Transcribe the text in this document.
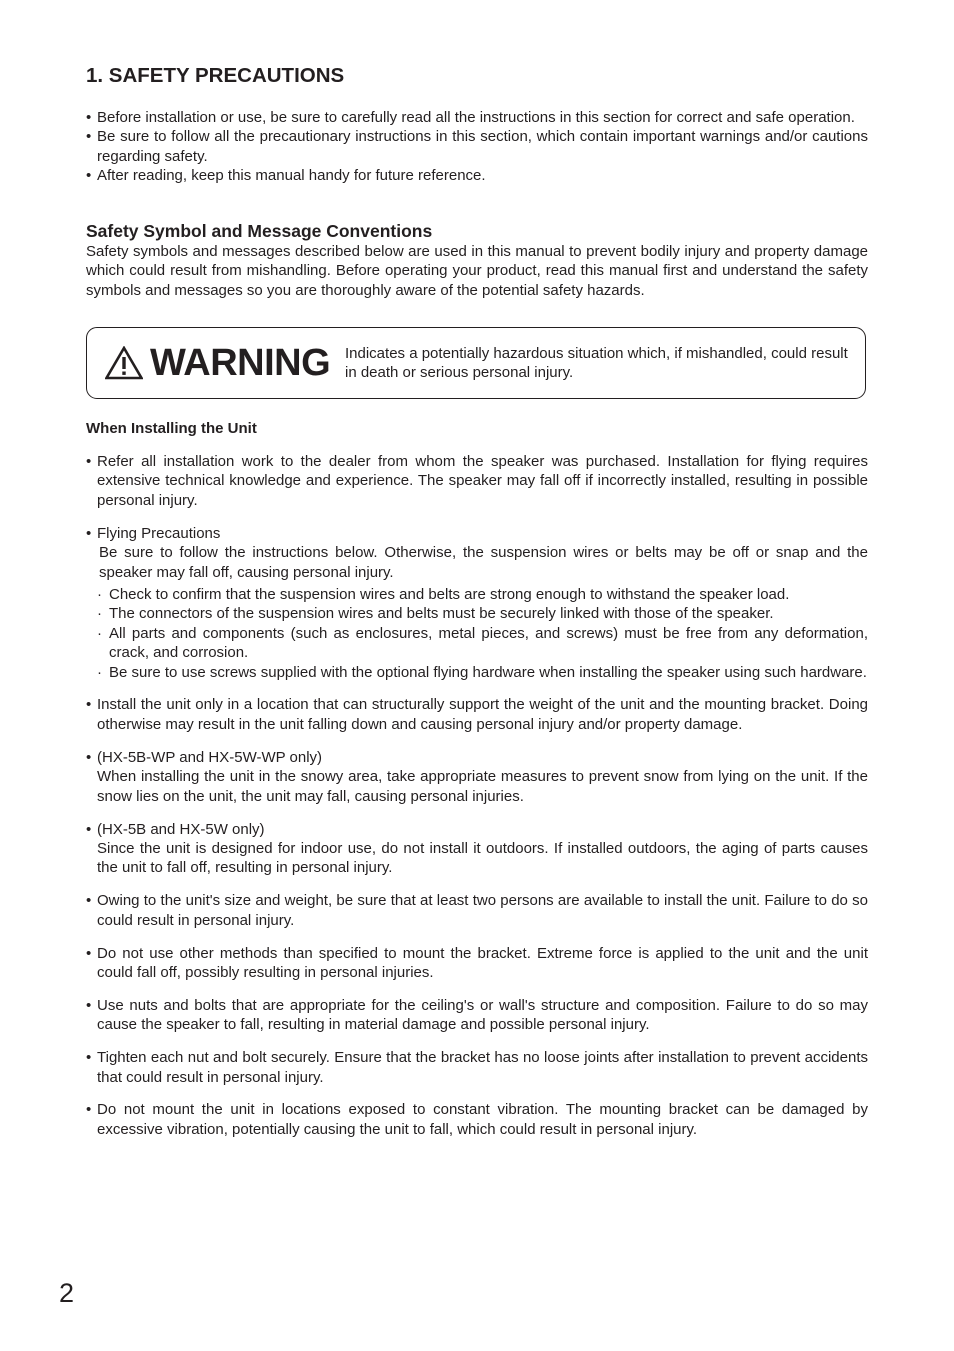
1. SAFETY PRECAUTIONS
• Before installation or use, be sure to carefully read all the instructions in this section for correct and safe operation.
• Be sure to follow all the precautionary instructions in this section, which contain important warnings and/or cautions regarding safety.
• After reading, keep this manual handy for future reference.
Safety Symbol and Message Conventions
Safety symbols and messages described below are used in this manual to prevent bodily injury and property damage which could result from mishandling. Before operating your product, read this manual first and understand the safety symbols and messages so you are thoroughly aware of the potential safety hazards.
WARNING Indicates a potentially hazardous situation which, if mishandled, could result in death or serious personal injury.
When Installing the Unit
• Refer all installation work to the dealer from whom the speaker was purchased. Installation for flying requires extensive technical knowledge and experience. The speaker may fall off if incorrectly installed, resulting in possible personal injury.
• Flying Precautions
Be sure to follow the instructions below. Otherwise, the suspension wires or belts may be off or snap and the speaker may fall off, causing personal injury.
· Check to confirm that the suspension wires and belts are strong enough to withstand the speaker load.
· The connectors of the suspension wires and belts must be securely linked with those of the speaker.
· All parts and components (such as enclosures, metal pieces, and screws) must be free from any deformation, crack, and corrosion.
· Be sure to use screws supplied with the optional flying hardware when installing the speaker using such hardware.
• Install the unit only in a location that can structurally support the weight of the unit and the mounting bracket. Doing otherwise may result in the unit falling down and causing personal injury and/or property damage.
• (HX-5B-WP and HX-5W-WP only)
When installing the unit in the snowy area, take appropriate measures to prevent snow from lying on the unit. If the snow lies on the unit, the unit may fall, causing personal injuries.
• (HX-5B and HX-5W only)
Since the unit is designed for indoor use, do not install it outdoors. If installed outdoors, the aging of parts causes the unit to fall off, resulting in personal injury.
• Owing to the unit's size and weight, be sure that at least two persons are available to install the unit. Failure to do so could result in personal injury.
• Do not use other methods than specified to mount the bracket. Extreme force is applied to the unit and the unit could fall off, possibly resulting in personal injuries.
• Use nuts and bolts that are appropriate for the ceiling's or wall's structure and composition. Failure to do so may cause the speaker to fall, resulting in material damage and possible personal injury.
• Tighten each nut and bolt securely. Ensure that the bracket has no loose joints after installation to prevent accidents that could result in personal injury.
• Do not mount the unit in locations exposed to constant vibration. The mounting bracket can be damaged by excessive vibration, potentially causing the unit to fall, which could result in personal injury.
2
